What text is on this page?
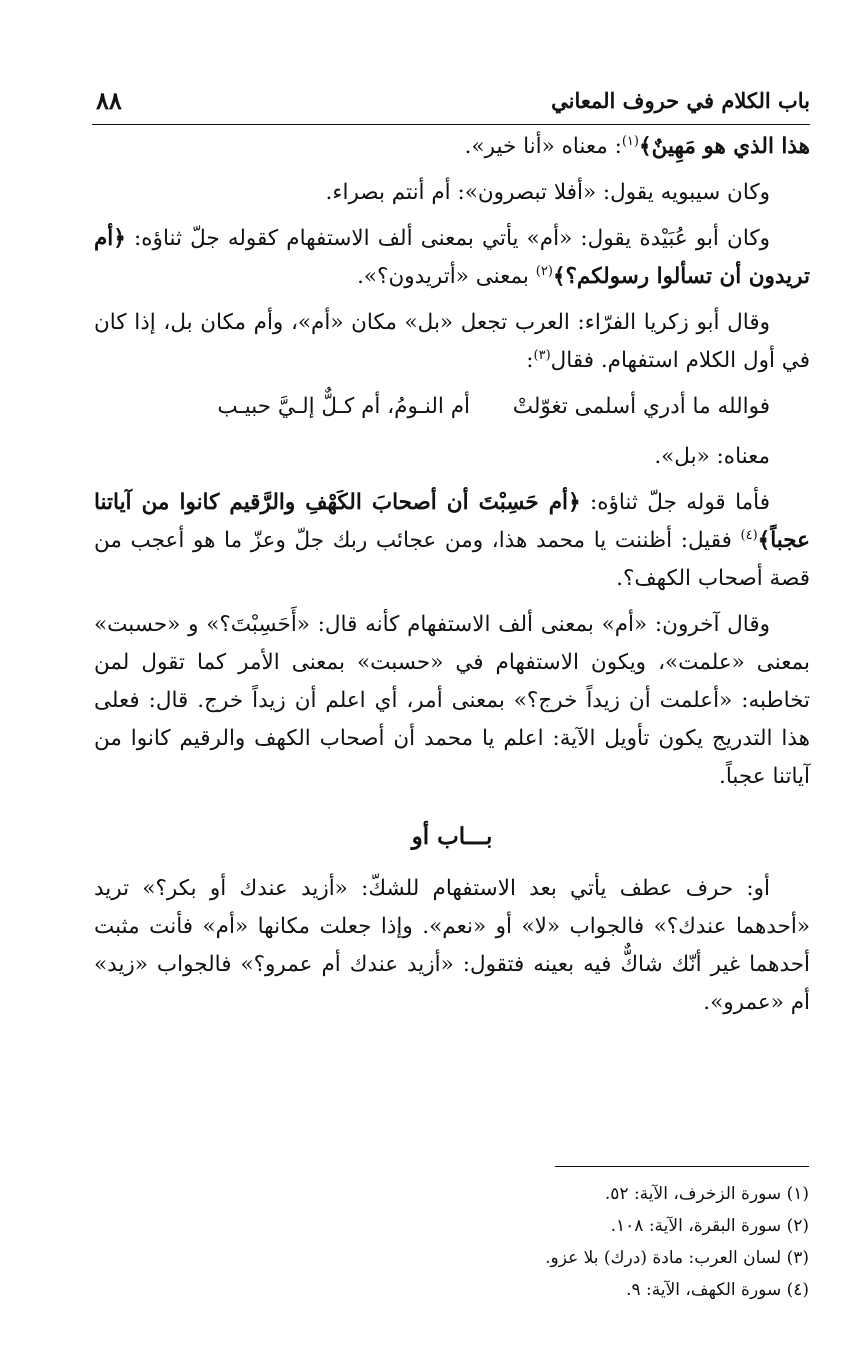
٨٨	باب الكلام في حروف المعاني

هذا الذي هو مَهِينٌ﴾$^{(١)}$: معناه «أنا خير».

وكان سيبويه يقول: «أفلا تبصرون»: أم أنتم بصراء.

وكان أبو عُبَيْدة يقول: «أم» يأتي بمعنى ألف الاستفهام كقوله جلّ ثناؤه: ﴿أم تريدون أن تسألوا رسولكم؟﴾$^{(٢)}$ بمعنى «أتريدون؟».

وقال أبو زكريا الفرّاء: العرب تجعل «بل» مكان «أم»، وأم مكان بل، إذا كان في أول الكلام استفهام. فقال$^{(٣)}$:

فوالله ما أدري أسلمى تغوّلتْ
أم النـومُ، أم كـلٌّ إلـيَّ حبيـب

معناه: «بل».

فأما قوله جلّ ثناؤه: ﴿أم حَسِبْتَ أن أصحابَ الكَهْفِ والرَّقيم كانوا من آياتنا عجباً﴾$^{(٤)}$ فقيل: أظننت يا محمد هذا، ومن عجائب ربك جلّ وعزّ ما هو أعجب من قصة أصحاب الكهف؟.

وقال آخرون: «أم» بمعنى ألف الاستفهام كأنه قال: «أَحَسِبْتَ؟» و «حسبت» بمعنى «علمت»، ويكون الاستفهام في «حسبت» بمعنى الأمر كما تقول لمن تخاطبه: «أعلمت أن زيداً خرج؟» بمعنى أمر، أي اعلم أن زيداً خرج. قال: فعلى هذا التدريج يكون تأويل الآية: اعلم يا محمد أن أصحاب الكهف والرقيم كانوا من آياتنا عجباً.

بـــاب أو

أو: حرف عطف يأتي بعد الاستفهام للشكّ: «أزيد عندك أو بكر؟» تريد «أحدهما عندك؟» فالجواب «لا» أو «نعم». وإذا جعلت مكانها «أم» فأنت مثبت أحدهما غير أنّك شاكٌّ فيه بعينه فتقول: «أزيد عندك أم عمرو؟» فالجواب «زيد» أم «عمرو».

(١) سورة الزخرف، الآية: ٥٢.

(٢) سورة البقرة، الآية: ١٠٨.

(٣) لسان العرب: مادة (درك) بلا عزو.

(٤) سورة الكهف، الآية: ٩.
